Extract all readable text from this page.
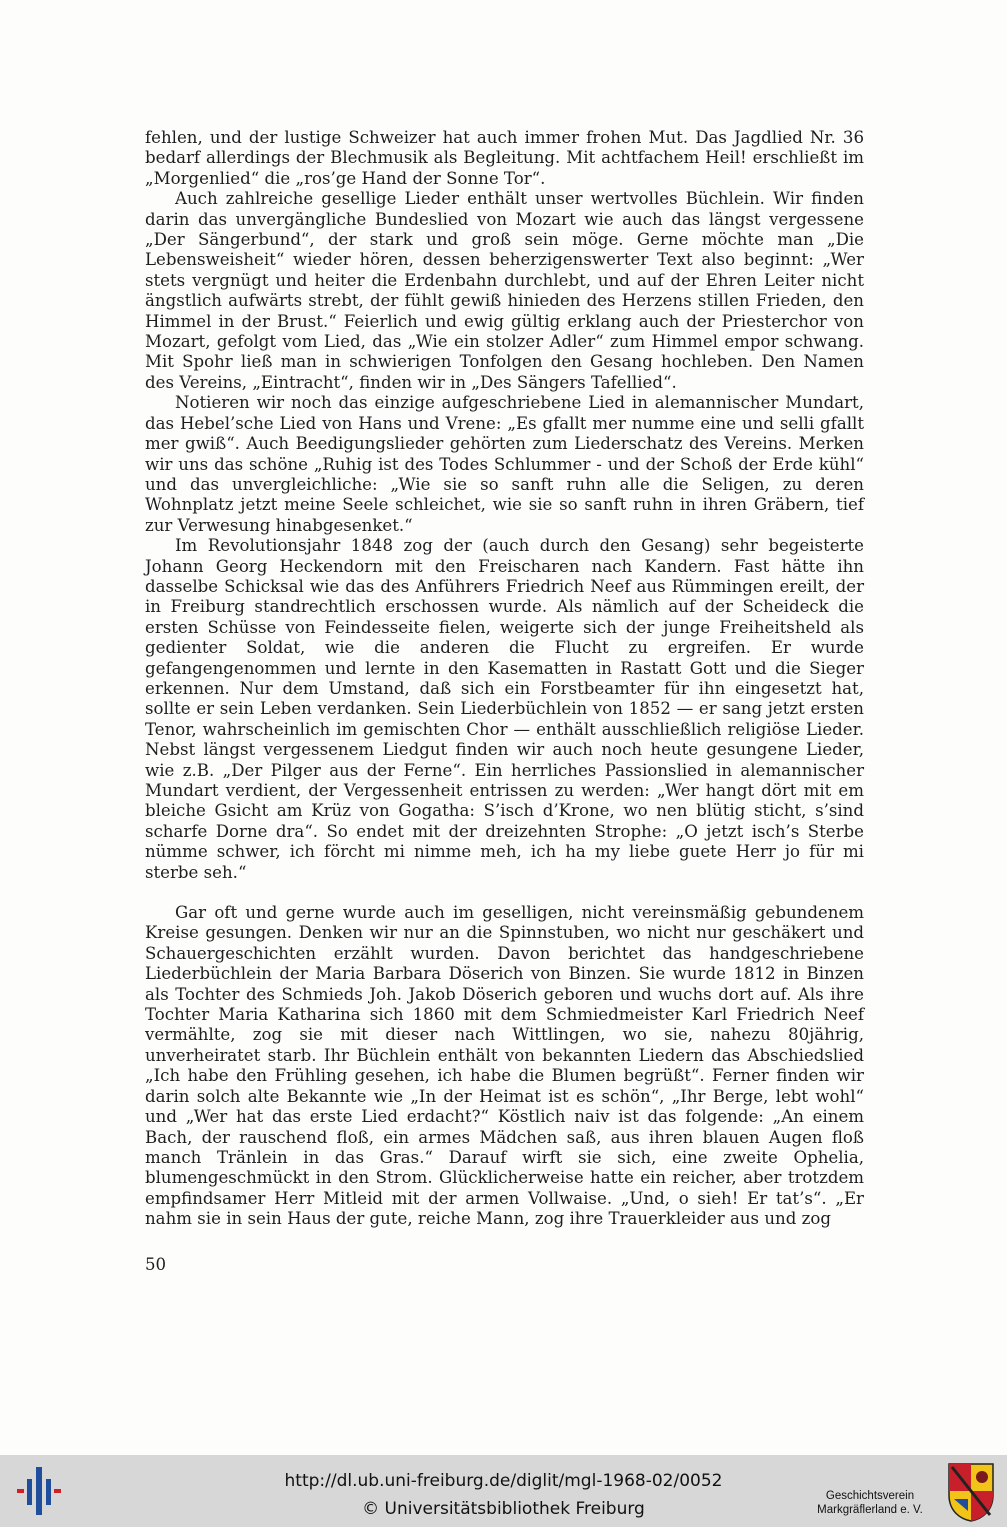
fehlen, und der lustige Schweizer hat auch immer frohen Mut. Das Jagdlied Nr. 36 bedarf allerdings der Blechmusik als Begleitung. Mit achtfachem Heil! erschließt im „Morgenlied“ die „ros’ge Hand der Sonne Tor“.

Auch zahlreiche gesellige Lieder enthält unser wertvolles Büchlein. Wir finden darin das unvergängliche Bundeslied von Mozart wie auch das längst vergessene „Der Sängerbund“, der stark und groß sein möge. Gerne möchte man „Die Lebensweisheit“ wieder hören, dessen beherzigenswerter Text also beginnt: „Wer stets vergnügt und heiter die Erdenbahn durchlebt, und auf der Ehren Leiter nicht ängstlich aufwärts strebt, der fühlt gewiß hinieden des Herzens stillen Frieden, den Himmel in der Brust.“ Feierlich und ewig gültig erklang auch der Priesterchor von Mozart, gefolgt vom Lied, das „Wie ein stolzer Adler“ zum Himmel empor schwang. Mit Spohr ließ man in schwierigen Tonfolgen den Gesang hochleben. Den Namen des Vereins, „Eintracht“, finden wir in „Des Sängers Tafellied“.

Notieren wir noch das einzige aufgeschriebene Lied in alemannischer Mundart, das Hebel’sche Lied von Hans und Vrene: „Es gfallt mer numme eine und selli gfallt mer gwiß“. Auch Beedigungslieder gehörten zum Liederschatz des Vereins. Merken wir uns das schöne „Ruhig ist des Todes Schlummer - und der Schoß der Erde kühl“ und das unvergleichliche: „Wie sie so sanft ruhn alle die Seligen, zu deren Wohnplatz jetzt meine Seele schleichet, wie sie so sanft ruhn in ihren Gräbern, tief zur Verwesung hinabgesenket.“

Im Revolutionsjahr 1848 zog der (auch durch den Gesang) sehr begeisterte Johann Georg Heckendorn mit den Freischaren nach Kandern. Fast hätte ihn dasselbe Schicksal wie das des Anführers Friedrich Neef aus Rümmingen ereilt, der in Freiburg standrechtlich erschossen wurde. Als nämlich auf der Scheideck die ersten Schüsse von Feindesseite fielen, weigerte sich der junge Freiheitsheld als gedienter Soldat, wie die anderen die Flucht zu ergreifen. Er wurde gefangengenommen und lernte in den Kasematten in Rastatt Gott und die Sieger erkennen. Nur dem Umstand, daß sich ein Forstbeamter für ihn eingesetzt hat, sollte er sein Leben verdanken. Sein Liederbüchlein von 1852 — er sang jetzt ersten Tenor, wahrscheinlich im gemischten Chor — enthält ausschließlich religiöse Lieder. Nebst längst vergessenem Liedgut finden wir auch noch heute gesungene Lieder, wie z.B. „Der Pilger aus der Ferne“. Ein herrliches Passionslied in alemannischer Mundart verdient, der Vergessenheit entrissen zu werden: „Wer hangt dört mit em bleiche Gsicht am Krüz von Gogatha: S’isch d’Krone, wo nen blütig sticht, s’sind scharfe Dorne dra“. So endet mit der dreizehnten Strophe: „O jetzt isch’s Sterbe nümme schwer, ich förcht mi nimme meh, ich ha my liebe guete Herr jo für mi sterbe seh.“

Gar oft und gerne wurde auch im geselligen, nicht vereinsmäßig gebundenem Kreise gesungen. Denken wir nur an die Spinnstuben, wo nicht nur geschäkert und Schauergeschichten erzählt wurden. Davon berichtet das handgeschriebene Liederbüchlein der Maria Barbara Döserich von Binzen. Sie wurde 1812 in Binzen als Tochter des Schmieds Joh. Jakob Döserich geboren und wuchs dort auf. Als ihre Tochter Maria Katharina sich 1860 mit dem Schmiedmeister Karl Friedrich Neef vermählte, zog sie mit dieser nach Wittlingen, wo sie, nahezu 80jährig, unverheiratet starb. Ihr Büchlein enthält von bekannten Liedern das Abschiedslied „Ich habe den Frühling gesehen, ich habe die Blumen begrüßt“. Ferner finden wir darin solch alte Bekannte wie „In der Heimat ist es schön“, „Ihr Berge, lebt wohl“ und „Wer hat das erste Lied erdacht?“ Köstlich naiv ist das folgende: „An einem Bach, der rauschend floß, ein armes Mädchen saß, aus ihren blauen Augen floß manch Tränlein in das Gras.“ Darauf wirft sie sich, eine zweite Ophelia, blumengeschmückt in den Strom. Glücklicherweise hatte ein reicher, aber trotzdem empfindsamer Herr Mitleid mit der armen Vollwaise. „Und, o sieh! Er tat’s“. „Er nahm sie in sein Haus der gute, reiche Mann, zog ihre Trauerkleider aus und zog

50
http://dl.ub.uni-freiburg.de/diglit/mgl-1968-02/0052
© Universitätsbibliothek Freiburg
Geschichtsverein
Markgräflerland e. V.
